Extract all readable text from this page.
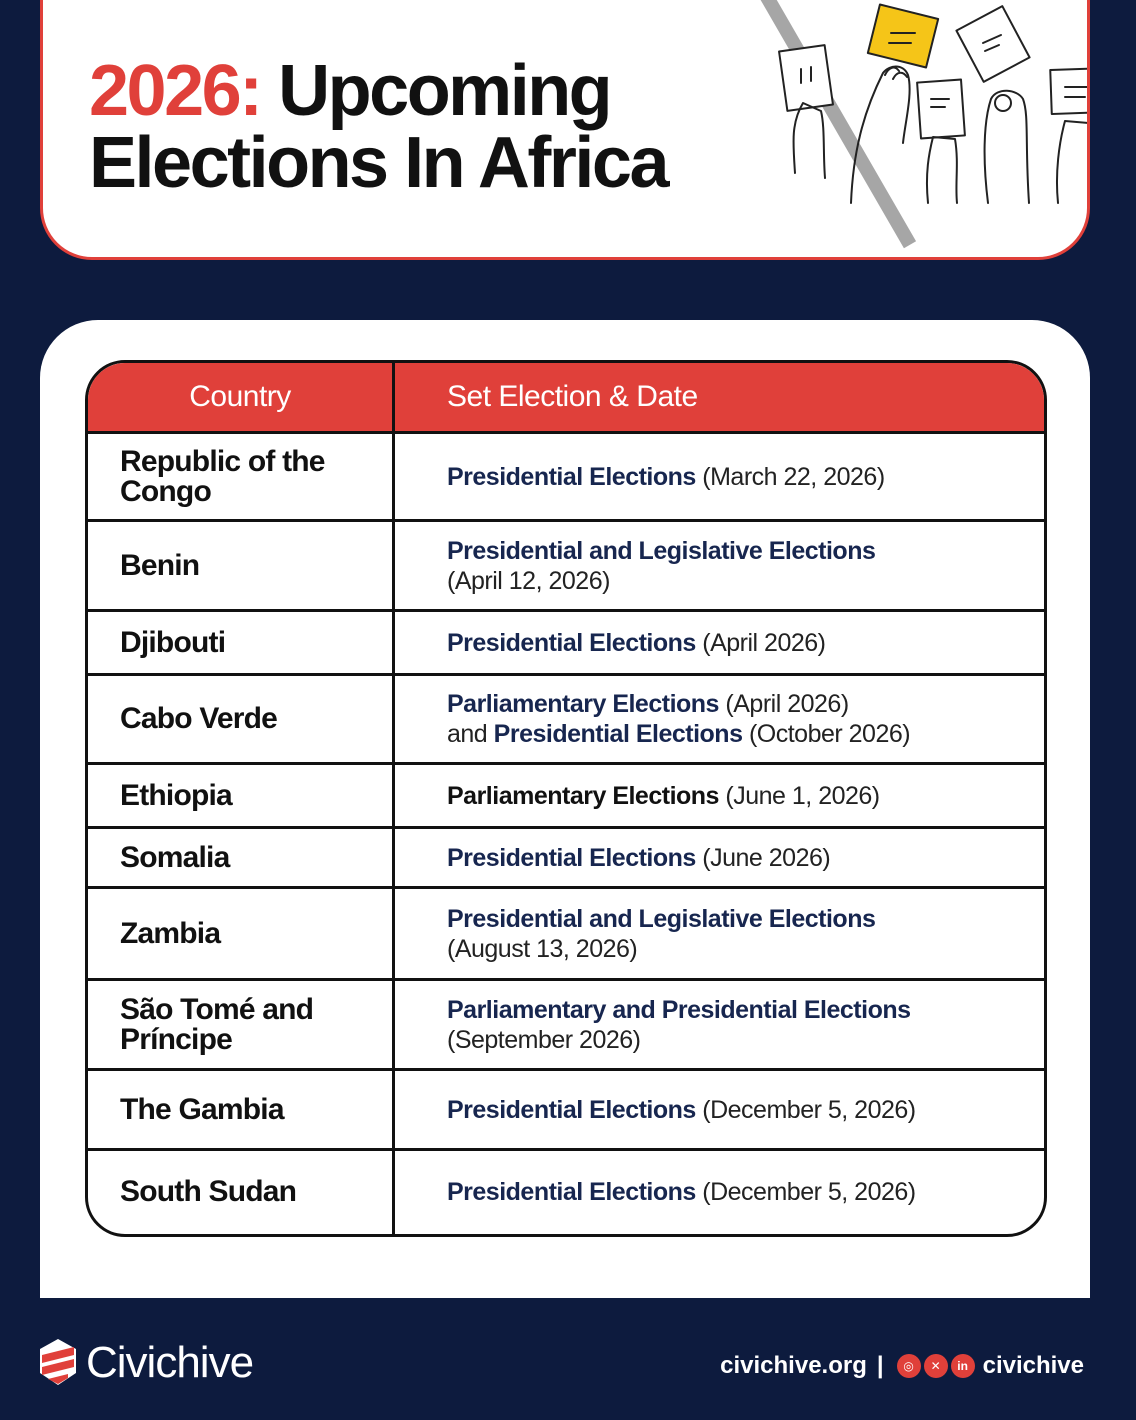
2026: Upcoming
Elections In Africa
Country	Set Election & Date
Republic of the Congo	Presidential Elections (March 22, 2026)

Benin	Presidential and Legislative Elections
(April 12, 2026)

Djibouti	Presidential Elections (April 2026)

Cabo Verde	Parliamentary Elections (April 2026)
and Presidential Elections (October 2026)

Ethiopia	Parliamentary Elections (June 1, 2026)

Somalia	Presidential Elections (June 2026)

Zambia	Presidential and Legislative Elections
(August 13, 2026)

São Tomé and Príncipe	Parliamentary and Presidential Elections
(September 2026)

The Gambia	Presidential Elections (December 5, 2026)

South Sudan	Presidential Elections (December 5, 2026)
Civichive	civichive.org |	◎	✕	in civichive
